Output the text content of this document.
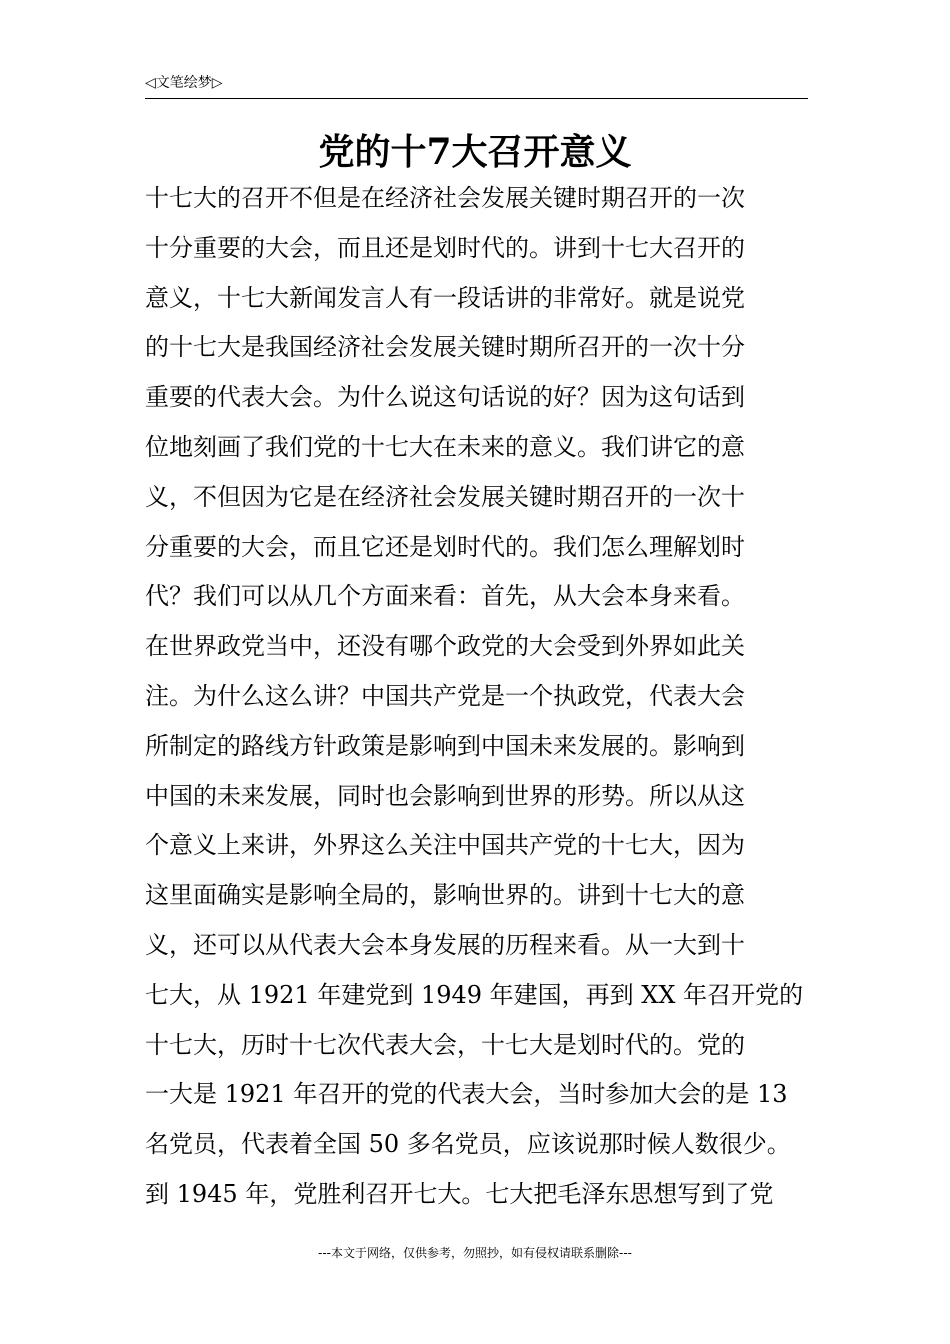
◁文笔绘梦▷
党的十7大召开意义
十七大的召开不但是在经济社会发展关键时期召开的一次
十分重要的大会，而且还是划时代的。讲到十七大召开的
意义，十七大新闻发言人有一段话讲的非常好。就是说党
的十七大是我国经济社会发展关键时期所召开的一次十分
重要的代表大会。为什么说这句话说的好？因为这句话到
位地刻画了我们党的十七大在未来的意义。我们讲它的意
义，不但因为它是在经济社会发展关键时期召开的一次十
分重要的大会，而且它还是划时代的。我们怎么理解划时
代？我们可以从几个方面来看：首先，从大会本身来看。
在世界政党当中，还没有哪个政党的大会受到外界如此关
注。为什么这么讲？中国共产党是一个执政党，代表大会
所制定的路线方针政策是影响到中国未来发展的。影响到
中国的未来发展，同时也会影响到世界的形势。所以从这
个意义上来讲，外界这么关注中国共产党的十七大，因为
这里面确实是影响全局的，影响世界的。讲到十七大的意
义，还可以从代表大会本身发展的历程来看。从一大到十
七大，从 1921 年建党到 1949 年建国，再到 XX 年召开党的
十七大，历时十七次代表大会，十七大是划时代的。党的
一大是 1921 年召开的党的代表大会，当时参加大会的是 13
名党员，代表着全国 50 多名党员，应该说那时候人数很少。
到 1945 年，党胜利召开七大。七大把毛泽东思想写到了党
---本文于网络，仅供参考，勿照抄，如有侵权请联系删除---
